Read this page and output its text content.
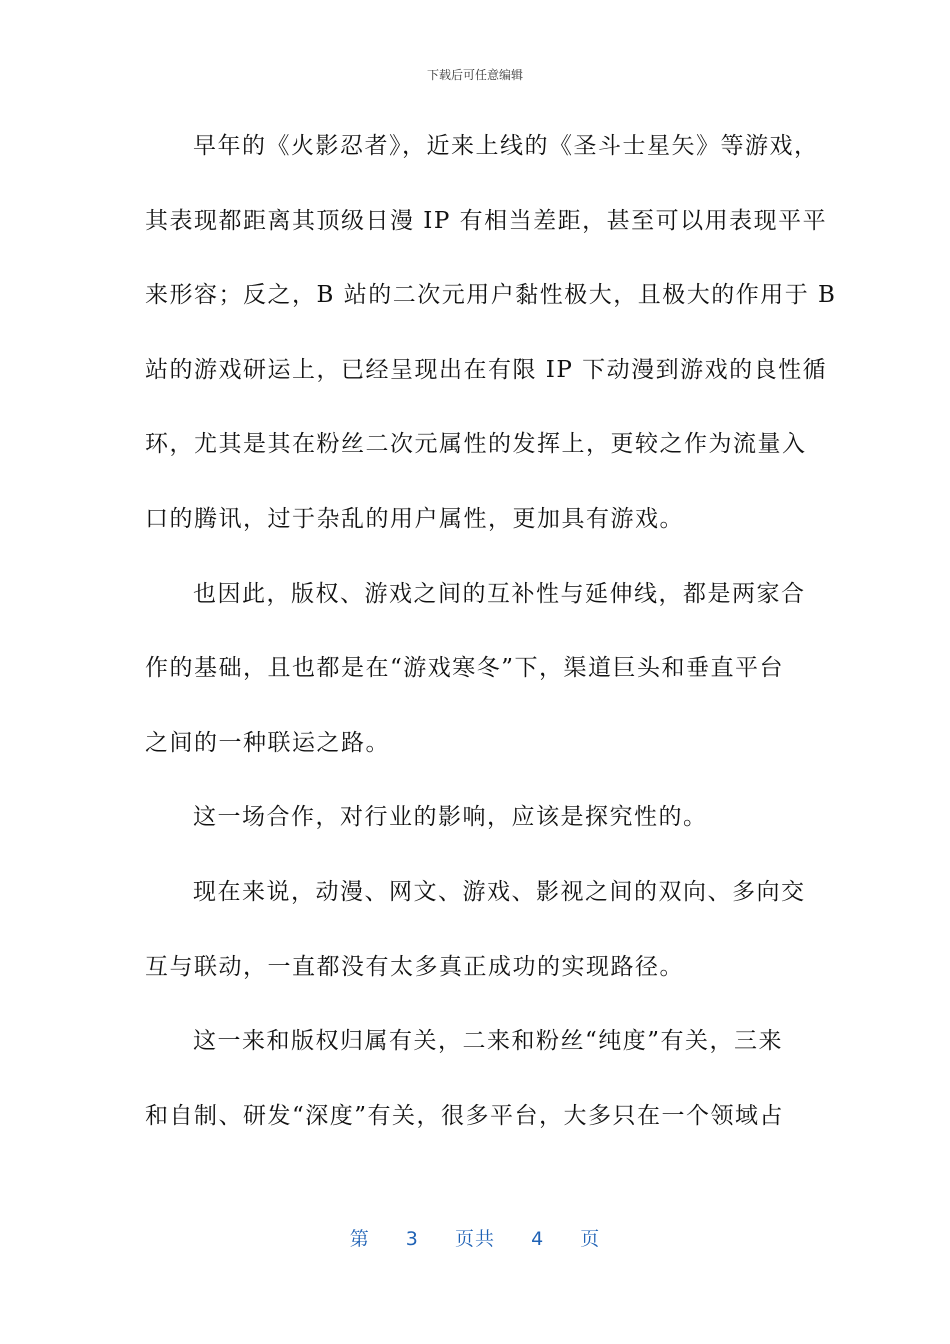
下载后可任意编辑
早年的《火影忍者》，近来上线的《圣斗士星矢》等游戏，
其表现都距离其顶级日漫 IP 有相当差距，甚至可以用表现平平
来形容；反之，B 站的二次元用户黏性极大，且极大的作用于 B
站的游戏研运上，已经呈现出在有限 IP 下动漫到游戏的良性循
环，尤其是其在粉丝二次元属性的发挥上，更较之作为流量入
口的腾讯，过于杂乱的用户属性，更加具有游戏。
也因此，版权、游戏之间的互补性与延伸线，都是两家合
作的基础，且也都是在“游戏寒冬”下，渠道巨头和垂直平台
之间的一种联运之路。
这一场合作，对行业的影响，应该是探究性的。
现在来说，动漫、网文、游戏、影视之间的双向、多向交
互与联动，一直都没有太多真正成功的实现路径。
这一来和版权归属有关，二来和粉丝“纯度”有关，三来
和自制、研发“深度”有关，很多平台，大多只在一个领域占
第 3 页共 4 页
